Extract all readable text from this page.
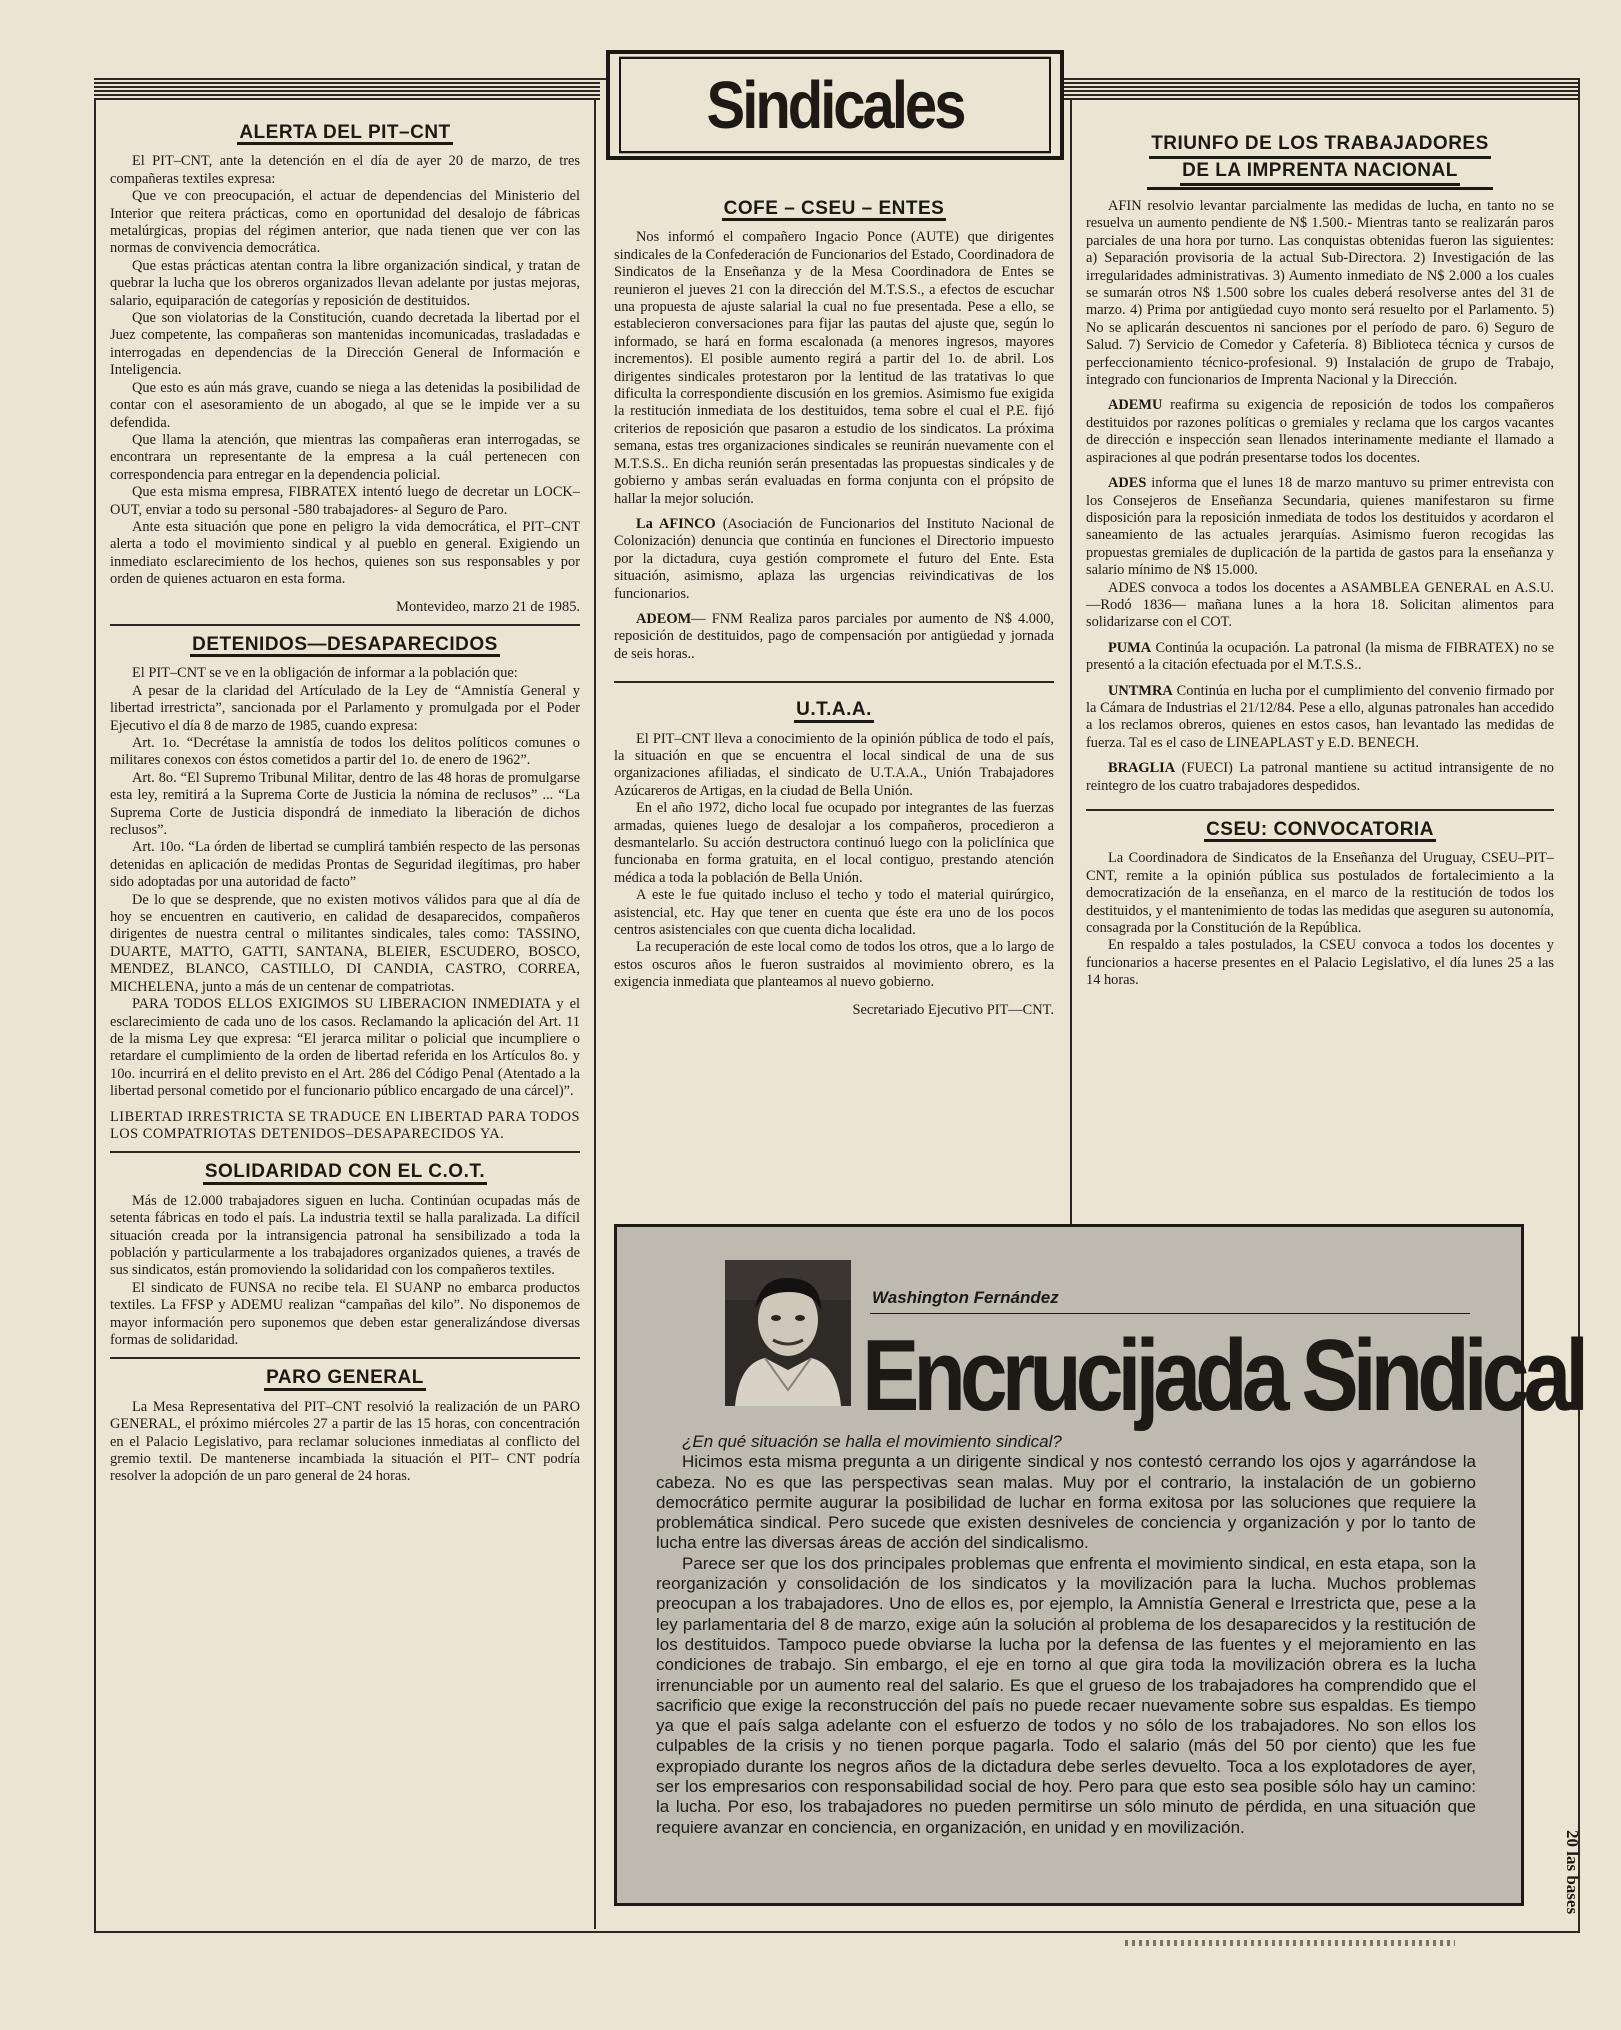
Sindicales
ALERTA DEL PIT–CNT

El PIT–CNT, ante la detención en el día de ayer 20 de marzo, de tres compañeras textiles expresa:

Que ve con preocupación, el actuar de dependencias del Ministerio del Interior que reitera prácticas, como en oportunidad del desalojo de fábricas metalúrgicas, propias del régimen anterior, que nada tienen que ver con las normas de convivencia democrática.

Que estas prácticas atentan contra la libre organización sindical, y tratan de quebrar la lucha que los obreros organizados llevan adelante por justas mejoras, salario, equiparación de categorías y reposición de destituidos.

Que son violatorias de la Constitución, cuando decretada la libertad por el Juez competente, las compañeras son mantenidas incomunicadas, trasladadas e interrogadas en dependencias de la Dirección General de Información e Inteligencia.

Que esto es aún más grave, cuando se niega a las detenidas la posibilidad de contar con el asesoramiento de un abogado, al que se le impide ver a su defendida.

Que llama la atención, que mientras las compañeras eran interrogadas, se encontrara un representante de la empresa a la cuál pertenecen con correspondencia para entregar en la dependencia policial.

Que esta misma empresa, FIBRATEX intentó luego de decretar un LOCK–OUT, enviar a todo su personal -580 trabajadores- al Seguro de Paro.

Ante esta situación que pone en peligro la vida democrática, el PIT–CNT alerta a todo el movimiento sindical y al pueblo en general. Exigiendo un inmediato esclarecimiento de los hechos, quienes son sus responsables y por orden de quienes actuaron en esta forma.

Montevideo, marzo 21 de 1985.

DETENIDOS—DESAPARECIDOS

El PIT–CNT se ve en la obligación de informar a la población que:

A pesar de la claridad del Artículado de la Ley de “Amnistía General y libertad irrestricta”, sancionada por el Parlamento y promulgada por el Poder Ejecutivo el día 8 de marzo de 1985, cuando expresa:

Art. 1o. “Decrétase la amnistía de todos los delitos políticos comunes o militares conexos con éstos cometidos a partir del 1o. de enero de 1962”.

Art. 8o. “El Supremo Tribunal Militar, dentro de las 48 horas de promulgarse esta ley, remitirá a la Suprema Corte de Justicia la nómina de reclusos” ... “La Suprema Corte de Justicia dispondrá de inmediato la liberación de dichos reclusos”.

Art. 10o. “La órden de libertad se cumplirá también respecto de las personas detenidas en aplicación de medidas Prontas de Seguridad ilegítimas, pro haber sido adoptadas por una autoridad de facto”

De lo que se desprende, que no existen motivos válidos para que al día de hoy se encuentren en cautiverio, en calidad de desaparecidos, compañeros dirigentes de nuestra central o militantes sindicales, tales como: TASSINO, DUARTE, MATTO, GATTI, SANTANA, BLEIER, ESCUDERO, BOSCO, MENDEZ, BLANCO, CASTILLO, DI CANDIA, CASTRO, CORREA, MICHELENA, junto a más de un centenar de compatriotas.

PARA TODOS ELLOS EXIGIMOS SU LIBERACION INMEDIATA y el esclarecimiento de cada uno de los casos. Reclamando la aplicación del Art. 11 de la misma Ley que expresa: “El jerarca militar o policial que incumpliere o retardare el cumplimiento de la orden de libertad referida en los Artículos 8o. y 10o. incurrirá en el delito previsto en el Art. 286 del Código Penal (Atentado a la libertad personal cometido por el funcionario público encargado de una cárcel)”.

LIBERTAD IRRESTRICTA SE TRADUCE EN LIBERTAD PARA TODOS LOS COMPATRIOTAS DETENIDOS–DESAPARECIDOS YA.

SOLIDARIDAD CON EL C.O.T.

Más de 12.000 trabajadores siguen en lucha. Continúan ocupadas más de setenta fábricas en todo el país. La industria textil se halla paralizada. La difícil situación creada por la intransigencia patronal ha sensibilizado a toda la población y particularmente a los trabajadores organizados quienes, a través de sus sindicatos, están promoviendo la solidaridad con los compañeros textiles.

El sindicato de FUNSA no recibe tela. El SUANP no embarca productos textiles. La FFSP y ADEMU realizan “campañas del kilo”. No disponemos de mayor información pero suponemos que deben estar generalizándose diversas formas de solidaridad.

PARO GENERAL

La Mesa Representativa del PIT–CNT resolvió la realización de un PARO GENERAL, el próximo miércoles 27 a partir de las 15 horas, con concentración en el Palacio Legislativo, para reclamar soluciones inmediatas al conflicto del gremio textil. De mantenerse incambiada la situación el PIT– CNT podría resolver la adopción de un paro general de 24 horas.

COFE – CSEU – ENTES

Nos informó el compañero Ingacio Ponce (AUTE) que dirigentes sindicales de la Confederación de Funcionarios del Estado, Coordinadora de Sindicatos de la Enseñanza y de la Mesa Coordinadora de Entes se reunieron el jueves 21 con la dirección del M.T.S.S., a efectos de escuchar una propuesta de ajuste salarial la cual no fue presentada. Pese a ello, se establecieron conversaciones para fijar las pautas del ajuste que, según lo informado, se hará en forma escalonada (a menores ingresos, mayores incrementos). El posible aumento regirá a partir del 1o. de abril. Los dirigentes sindicales protestaron por la lentitud de las tratativas lo que dificulta la correspondiente discusión en los gremios. Asimismo fue exigida la restitución inmediata de los destituidos, tema sobre el cual el P.E. fijó criterios de reposición que pasaron a estudio de los sindicatos. La próxima semana, estas tres organizaciones sindicales se reunirán nuevamente con el M.T.S.S.. En dicha reunión serán presentadas las propuestas sindicales y de gobierno y ambas serán evaluadas en forma conjunta con el própsito de hallar la mejor solución.

La AFINCO (Asociación de Funcionarios del Instituto Nacional de Colonización) denuncia que continúa en funciones el Directorio impuesto por la dictadura, cuya gestión compromete el futuro del Ente. Esta situación, asimismo, aplaza las urgencias reivindicativas de los funcionarios.

ADEOM— FNM Realiza paros parciales por aumento de N$ 4.000, reposición de destituidos, pago de compensación por antigüedad y jornada de seis horas..

U.T.A.A.

El PIT–CNT lleva a conocimiento de la opinión pública de todo el país, la situación en que se encuentra el local sindical de una de sus organizaciones afiliadas, el sindicato de U.T.A.A., Unión Trabajadores Azúcareros de Artigas, en la ciudad de Bella Unión.

En el año 1972, dicho local fue ocupado por integrantes de las fuerzas armadas, quienes luego de desalojar a los compañeros, procedieron a desmantelarlo. Su acción destructora continuó luego con la policlínica que funcionaba en forma gratuita, en el local contiguo, prestando atención médica a toda la población de Bella Unión.

A este le fue quitado incluso el techo y todo el material quirúrgico, asistencial, etc. Hay que tener en cuenta que éste era uno de los pocos centros asistenciales con que cuenta dicha localidad.

La recuperación de este local como de todos los otros, que a lo largo de estos oscuros años le fueron sustraidos al movimiento obrero, es la exigencia inmediata que planteamos al nuevo gobierno.

Secretariado Ejecutivo PIT—CNT.

TRIUNFO DE LOS TRABAJADORES
DE LA IMPRENTA NACIONAL

AFIN resolvio levantar parcialmente las medidas de lucha, en tanto no se resuelva un aumento pendiente de N$ 1.500.- Mientras tanto se realizarán paros parciales de una hora por turno. Las conquistas obtenidas fueron las siguientes: a) Separación provisoria de la actual Sub-Directora. 2) Investigación de las irregularidades administrativas. 3) Aumento inmediato de N$ 2.000 a los cuales se sumarán otros N$ 1.500 sobre los cuales deberá resolverse antes del 31 de marzo. 4) Prima por antigüedad cuyo monto será resuelto por el Parlamento. 5) No se aplicarán descuentos ni sanciones por el período de paro. 6) Seguro de Salud. 7) Servicio de Comedor y Cafetería. 8) Biblioteca técnica y cursos de perfeccionamiento técnico-profesional. 9) Instalación de grupo de Trabajo, integrado con funcionarios de Imprenta Nacional y la Dirección.

ADEMU reafirma su exigencia de reposición de todos los compañeros destituidos por razones políticas o gremiales y reclama que los cargos vacantes de dirección e inspección sean llenados interinamente mediante el llamado a aspiraciones al que podrán presentarse todos los docentes.

ADES informa que el lunes 18 de marzo mantuvo su primer entrevista con los Consejeros de Enseñanza Secundaria, quienes manifestaron su firme disposición para la reposición inmediata de todos los destituidos y acordaron el saneamiento de las actuales jerarquías. Asimismo fueron recogidas las propuestas gremiales de duplicación de la partida de gastos para la enseñanza y salario mínimo de N$ 15.000.

ADES convoca a todos los docentes a ASAMBLEA GENERAL en A.S.U. —Rodó 1836— mañana lunes a la hora 18. Solicitan alimentos para solidarizarse con el COT.

PUMA Continúa la ocupación. La patronal (la misma de FIBRATEX) no se presentó a la citación efectuada por el M.T.S.S..

UNTMRA Continúa en lucha por el cumplimiento del convenio firmado por la Cámara de Industrias el 21/12/84. Pese a ello, algunas patronales han accedido a los reclamos obreros, quienes en estos casos, han levantado las medidas de fuerza. Tal es el caso de LINEAPLAST y E.D. BENECH.

BRAGLIA (FUECI) La patronal mantiene su actitud intransigente de no reintegro de los cuatro trabajadores despedidos.

CSEU: CONVOCATORIA

La Coordinadora de Sindicatos de la Enseñanza del Uruguay, CSEU–PIT–CNT, remite a la opinión pública sus postulados de fortalecimiento a la democratización de la enseñanza, en el marco de la restitución de todos los destituidos, y el mantenimiento de todas las medidas que aseguren su autonomía, consagrada por la Constitución de la República.

En respaldo a tales postulados, la CSEU convoca a todos los docentes y funcionarios a hacerse presentes en el Palacio Legislativo, el día lunes 25 a las 14 horas.

Washington Fernández
Encrucijada Sindical

¿En qué situación se halla el movimiento sindical?

Hicimos esta misma pregunta a un dirigente sindical y nos contestó cerrando los ojos y agarrándose la cabeza. No es que las perspectivas sean malas. Muy por el contrario, la instalación de un gobierno democrático permite augurar la posibilidad de luchar en forma exitosa por las soluciones que requiere la problemática sindical. Pero sucede que existen desniveles de conciencia y organización y por lo tanto de lucha entre las diversas áreas de acción del sindicalismo.

Parece ser que los dos principales problemas que enfrenta el movimiento sindical, en esta etapa, son la reorganización y consolidación de los sindicatos y la movilización para la lucha. Muchos problemas preocupan a los trabajadores. Uno de ellos es, por ejemplo, la Amnistía General e Irrestricta que, pese a la ley parlamentaria del 8 de marzo, exige aún la solución al problema de los desaparecidos y la restitución de los destituidos. Tampoco puede obviarse la lucha por la defensa de las fuentes y el mejoramiento en las condiciones de trabajo. Sin embargo, el eje en torno al que gira toda la movilización obrera es la lucha irrenunciable por un aumento real del salario. Es que el grueso de los trabajadores ha comprendido que el sacrificio que exige la reconstrucción del país no puede recaer nuevamente sobre sus espaldas. Es tiempo ya que el país salga adelante con el esfuerzo de todos y no sólo de los trabajadores. No son ellos los culpables de la crisis y no tienen porque pagarla. Todo el salario (más del 50 por ciento) que les fue expropiado durante los negros años de la dictadura debe serles devuelto. Toca a los explotadores de ayer, ser los empresarios con responsabilidad social de hoy. Pero para que esto sea posible sólo hay un camino: la lucha. Por eso, los trabajadores no pueden permitirse un sólo minuto de pérdida, en una situación que requiere avanzar en conciencia, en organización, en unidad y en movilización.

20 las bases
